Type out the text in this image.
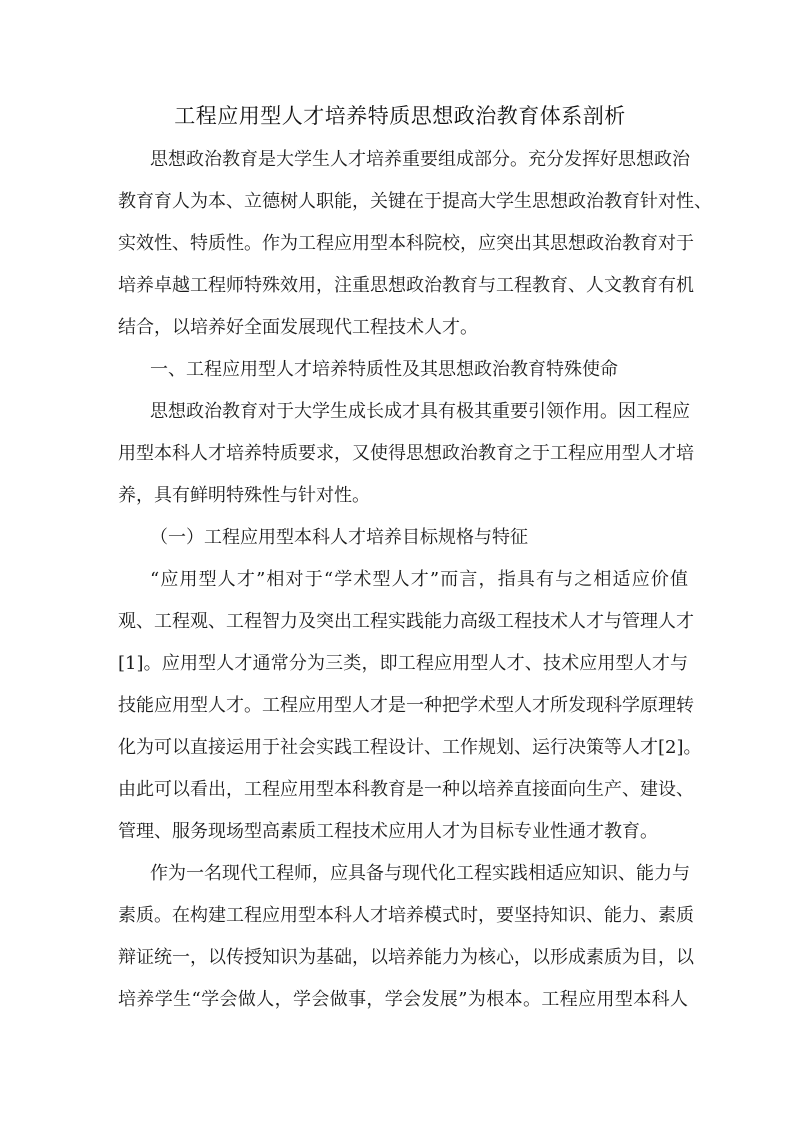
工程应用型人才培养特质思想政治教育体系剖析
思想政治教育是大学生人才培养重要组成部分。充分发挥好思想政治
教育育人为本、立德树人职能，关键在于提高大学生思想政治教育针对性、
实效性、特质性。作为工程应用型本科院校，应突出其思想政治教育对于
培养卓越工程师特殊效用，注重思想政治教育与工程教育、人文教育有机
结合，以培养好全面发展现代工程技术人才。
一、工程应用型人才培养特质性及其思想政治教育特殊使命
思想政治教育对于大学生成长成才具有极其重要引领作用。因工程应
用型本科人才培养特质要求，又使得思想政治教育之于工程应用型人才培
养，具有鲜明特殊性与针对性。
（一）工程应用型本科人才培养目标规格与特征
“应用型人才”相对于“学术型人才”而言，指具有与之相适应价值
观、工程观、工程智力及突出工程实践能力高级工程技术人才与管理人才
[1]。应用型人才通常分为三类，即工程应用型人才、技术应用型人才与
技能应用型人才。工程应用型人才是一种把学术型人才所发现科学原理转
化为可以直接运用于社会实践工程设计、工作规划、运行决策等人才[2]。
由此可以看出，工程应用型本科教育是一种以培养直接面向生产、建设、
管理、服务现场型高素质工程技术应用人才为目标专业性通才教育。
作为一名现代工程师，应具备与现代化工程实践相适应知识、能力与
素质。在构建工程应用型本科人才培养模式时，要坚持知识、能力、素质
辩证统一，以传授知识为基础，以培养能力为核心，以形成素质为目，以
培养学生“学会做人，学会做事，学会发展”为根本。工程应用型本科人
